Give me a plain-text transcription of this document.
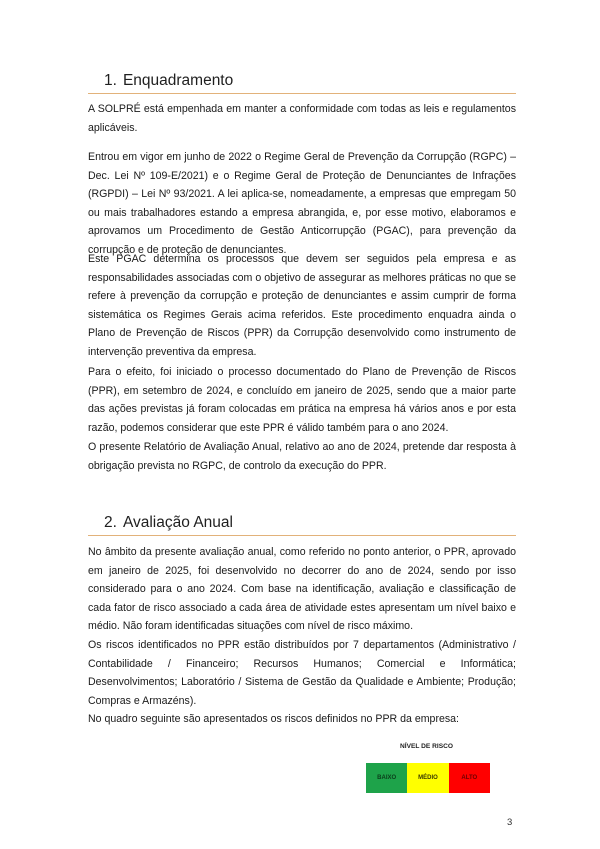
1. Enquadramento

A SOLPRÉ está empenhada em manter a conformidade com todas as leis e regulamentos aplicáveis.

Entrou em vigor em junho de 2022 o Regime Geral de Prevenção da Corrupção (RGPC) – Dec. Lei Nº 109-E/2021) e o Regime Geral de Proteção de Denunciantes de Infrações (RGPDI) – Lei Nº 93/2021. A lei aplica-se, nomeadamente, a empresas que empregam 50 ou mais trabalhadores estando a empresa abrangida, e, por esse motivo, elaboramos e aprovamos um Procedimento de Gestão Anticorrupção (PGAC), para prevenção da corrupção e de proteção de denunciantes.

Este PGAC determina os processos que devem ser seguidos pela empresa e as responsabilidades associadas com o objetivo de assegurar as melhores práticas no que se refere à prevenção da corrupção e proteção de denunciantes e assim cumprir de forma sistemática os Regimes Gerais acima referidos. Este procedimento enquadra ainda o Plano de Prevenção de Riscos (PPR) da Corrupção desenvolvido como instrumento de intervenção preventiva da empresa.

Para o efeito, foi iniciado o processo documentado do Plano de Prevenção de Riscos (PPR), em setembro de 2024, e concluído em janeiro de 2025, sendo que a maior parte das ações previstas já foram colocadas em prática na empresa há vários anos e por esta razão, podemos considerar que este PPR é válido também para o ano 2024.

O presente Relatório de Avaliação Anual, relativo ao ano de 2024, pretende dar resposta à obrigação prevista no RGPC, de controlo da execução do PPR.

2. Avaliação Anual

No âmbito da presente avaliação anual, como referido no ponto anterior, o PPR, aprovado em janeiro de 2025, foi desenvolvido no decorrer do ano de 2024, sendo por isso considerado para o ano 2024. Com base na identificação, avaliação e classificação de cada fator de risco associado a cada área de atividade estes apresentam um nível baixo e médio. Não foram identificadas situações com nível de risco máximo.

Os riscos identificados no PPR estão distribuídos por 7 departamentos (Administrativo / Contabilidade / Financeiro; Recursos Humanos; Comercial e Informática; Desenvolvimentos; Laboratório / Sistema de Gestão da Qualidade e Ambiente; Produção; Compras e Armazéns).

No quadro seguinte são apresentados os riscos definidos no PPR da empresa:

NÍVEL DE RISCO
BAIXO	MÉDIO	ALTO
3
